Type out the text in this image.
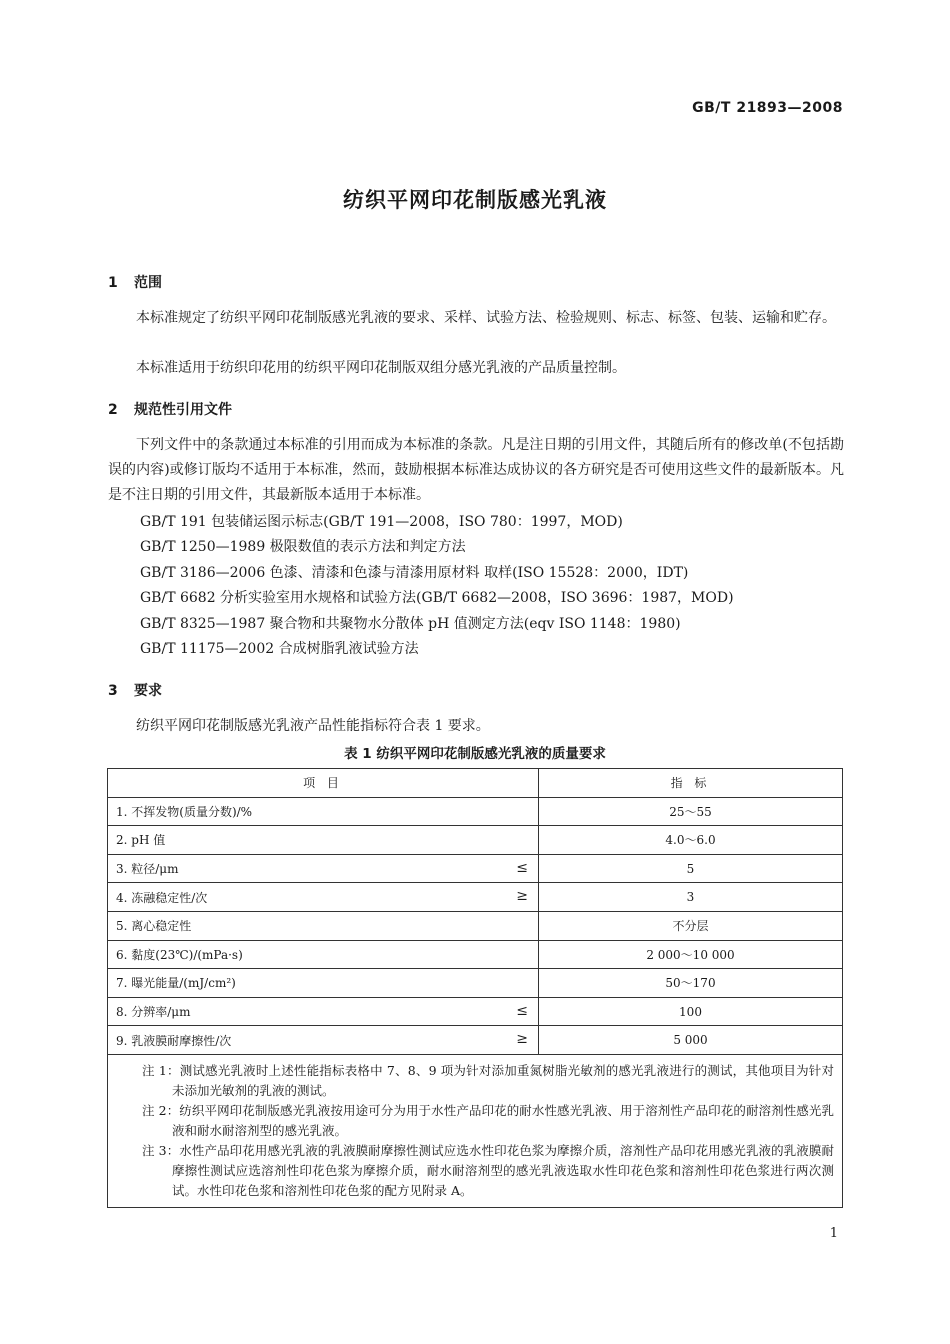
GB/T 21893—2008
纺织平网印花制版感光乳液
1 范围
本标准规定了纺织平网印花制版感光乳液的要求、采样、试验方法、检验规则、标志、标签、包装、运输和贮存。
本标准适用于纺织印花用的纺织平网印花制版双组分感光乳液的产品质量控制。
2 规范性引用文件
下列文件中的条款通过本标准的引用而成为本标准的条款。凡是注日期的引用文件，其随后所有的修改单(不包括勘误的内容)或修订版均不适用于本标准，然而，鼓励根据本标准达成协议的各方研究是否可使用这些文件的最新版本。凡是不注日期的引用文件，其最新版本适用于本标准。
GB/T 191 包装储运图示标志(GB/T 191—2008，ISO 780：1997，MOD)
GB/T 1250—1989 极限数值的表示方法和判定方法
GB/T 3186—2006 色漆、清漆和色漆与清漆用原材料 取样(ISO 15528：2000，IDT)
GB/T 6682 分析实验室用水规格和试验方法(GB/T 6682—2008，ISO 3696：1987，MOD)
GB/T 8325—1987 聚合物和共聚物水分散体 pH 值测定方法(eqv ISO 1148：1980)
GB/T 11175—2002 合成树脂乳液试验方法
3 要求
纺织平网印花制版感光乳液产品性能指标符合表 1 要求。
表 1 纺织平网印花制版感光乳液的质量要求
项 目	指 标
1. 不挥发物(质量分数)/%	25～55
2. pH 值	4.0～6.0
3. 粒径/μm ≤	5
4. 冻融稳定性/次 ≥	3
5. 离心稳定性	不分层
6. 黏度(23℃)/(mPa·s)	2 000～10 000
7. 曝光能量/(mJ/cm²)	50～170
8. 分辨率/μm ≤	100
9. 乳液膜耐摩擦性/次 ≥	5 000

注 1：测试感光乳液时上述性能指标表格中 7、8、9 项为针对添加重氮树脂光敏剂的感光乳液进行的测试，其他项目为针对未添加光敏剂的乳液的测试。
注 2：纺织平网印花制版感光乳液按用途可分为用于水性产品印花的耐水性感光乳液、用于溶剂性产品印花的耐溶剂性感光乳液和耐水耐溶剂型的感光乳液。
注 3：水性产品印花用感光乳液的乳液膜耐摩擦性测试应选水性印花色浆为摩擦介质，溶剂性产品印花用感光乳液的乳液膜耐摩擦性测试应选溶剂性印花色浆为摩擦介质，耐水耐溶剂型的感光乳液选取水性印花色浆和溶剂性印花色浆进行两次测试。水性印花色浆和溶剂性印花色浆的配方见附录 A。	
1
